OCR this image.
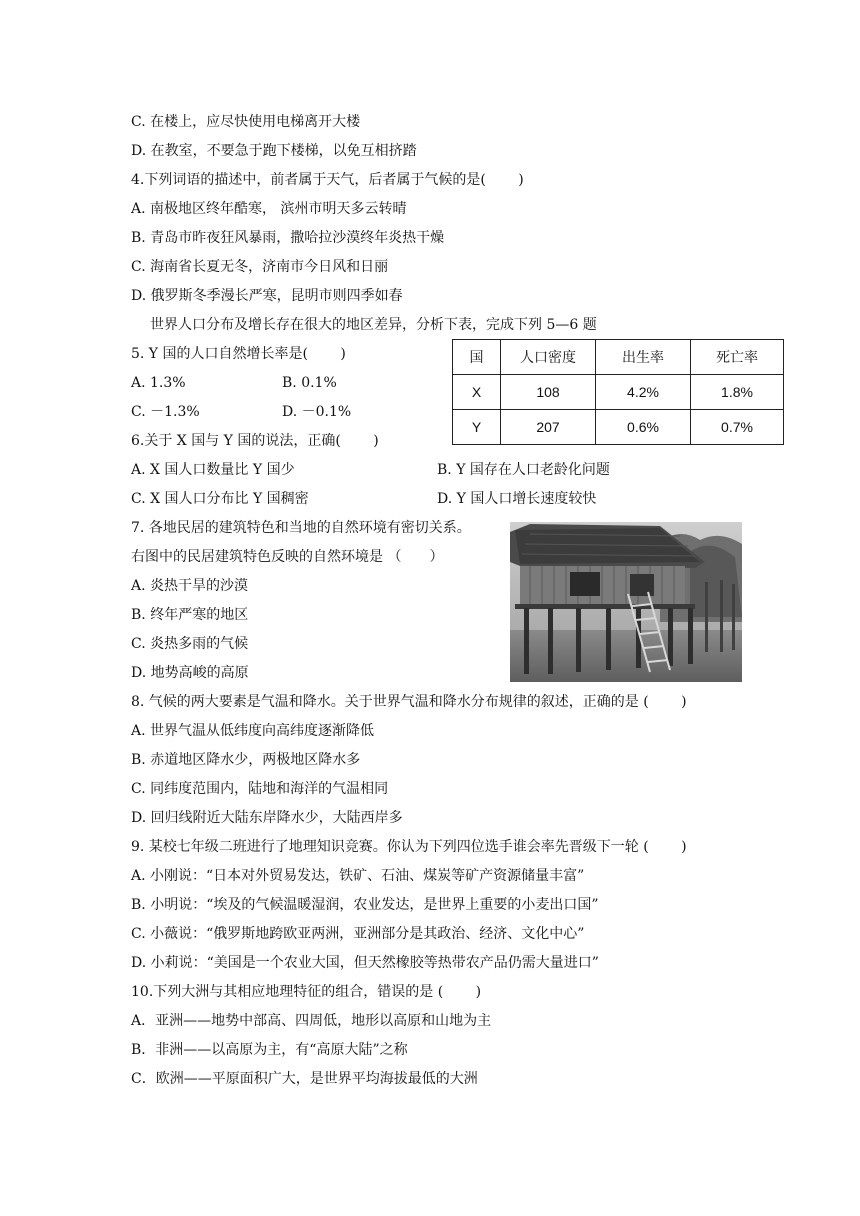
C. 在楼上，应尽快使用电梯离开大楼
D. 在教室，不要急于跑下楼梯，以免互相挤踏
4.下列词语的描述中，前者属于天气，后者属于气候的是(　　 )
A. 南极地区终年酷寒， 滨州市明天多云转晴
B. 青岛市昨夜狂风暴雨，撒哈拉沙漠终年炎热干燥
C. 海南省长夏无冬，济南市今日风和日丽
D. 俄罗斯冬季漫长严寒，昆明市则四季如春
世界人口分布及增长存在很大的地区差异，分析下表，完成下列 5—6 题
5. Y 国的人口自然增长率是(　　 )
A. 1.3%	B. 0.1%
C. －1.3%	D. －0.1%
国	人口密度	出生率	死亡率
X	108	4.2%	1.8%
Y	207	0.6%	0.7%
6.关于 X 国与 Y 国的说法，正确(　　 )
A. X 国人口数量比 Y 国少	B. Y 国存在人口老龄化问题
C. X 国人口分布比 Y 国稠密	D. Y 国人口增长速度较快
7. 各地民居的建筑特色和当地的自然环境有密切关系。
右图中的民居建筑特色反映的自然环境是 （　　）
A. 炎热干旱的沙漠
B. 终年严寒的地区
C. 炎热多雨的气候
D. 地势高峻的高原
8. 气候的两大要素是气温和降水。关于世界气温和降水分布规律的叙述，正确的是 (　　 )
A. 世界气温从低纬度向高纬度逐渐降低
B. 赤道地区降水少，两极地区降水多
C. 同纬度范围内，陆地和海洋的气温相同
D. 回归线附近大陆东岸降水少，大陆西岸多
9. 某校七年级二班进行了地理知识竞赛。你认为下列四位选手谁会率先晋级下一轮 (　　 )
A. 小刚说：“日本对外贸易发达，铁矿、石油、煤炭等矿产资源储量丰富”
B. 小明说：“埃及的气候温暖湿润，农业发达，是世界上重要的小麦出口国”
C. 小薇说：“俄罗斯地跨欧亚两洲，亚洲部分是其政治、经济、文化中心”
D. 小莉说：“美国是一个农业大国，但天然橡胶等热带农产品仍需大量进口”
10.下列大洲与其相应地理特征的组合，错误的是 (　　 )
A．亚洲——地势中部高、四周低，地形以高原和山地为主
B．非洲——以高原为主，有“高原大陆”之称
C．欧洲——平原面积广大，是世界平均海拔最低的大洲
